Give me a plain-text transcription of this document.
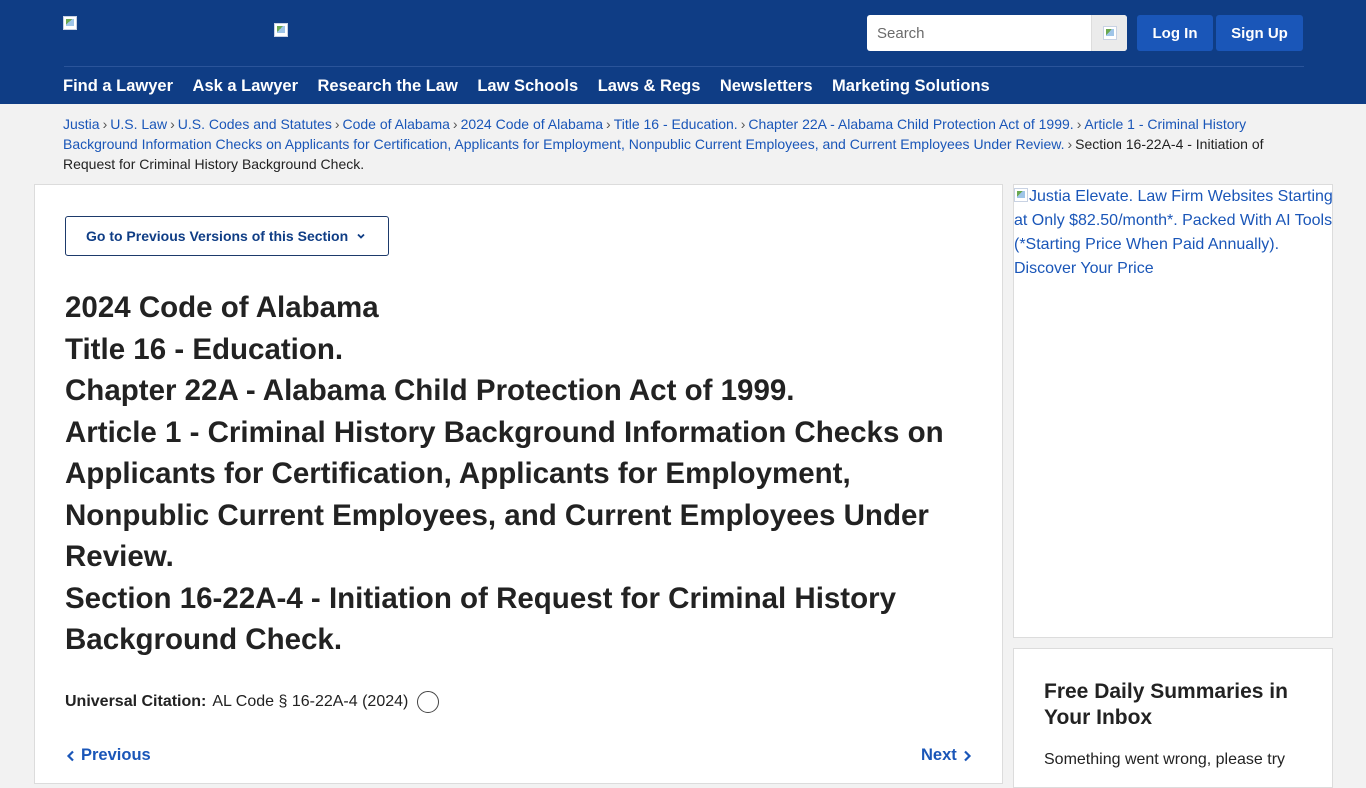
Search
Log In	Sign Up
Find a Lawyer Ask a Lawyer Research the Law Law Schools Laws & Regs Newsletters Marketing Solutions
Justia › U.S. Law › U.S. Codes and Statutes › Code of Alabama › 2024 Code of Alabama › Title 16 - Education. › Chapter 22A - Alabama Child Protection Act of 1999. › Article 1 - Criminal History Background Information Checks on Applicants for Certification, Applicants for Employment, Nonpublic Current Employees, and Current Employees Under Review. › Section 16-22A-4 - Initiation of Request for Criminal History Background Check.
Go to Previous Versions of this Section
2024 Code of Alabama
Title 16 - Education.
Chapter 22A - Alabama Child Protection Act of 1999.
Article 1 - Criminal History Background Information Checks on Applicants for Certification, Applicants for Employment, Nonpublic Current Employees, and Current Employees Under Review.
Section 16-22A-4 - Initiation of Request for Criminal History Background Check.
Universal Citation: AL Code § 16-22A-4 (2024)
Previous	Next
Justia Elevate. Law Firm Websites Starting at Only $82.50/month*. Packed With AI Tools (*Starting Price When Paid Annually). Discover Your Price
Free Daily Summaries in Your Inbox

Something went wrong, please try
